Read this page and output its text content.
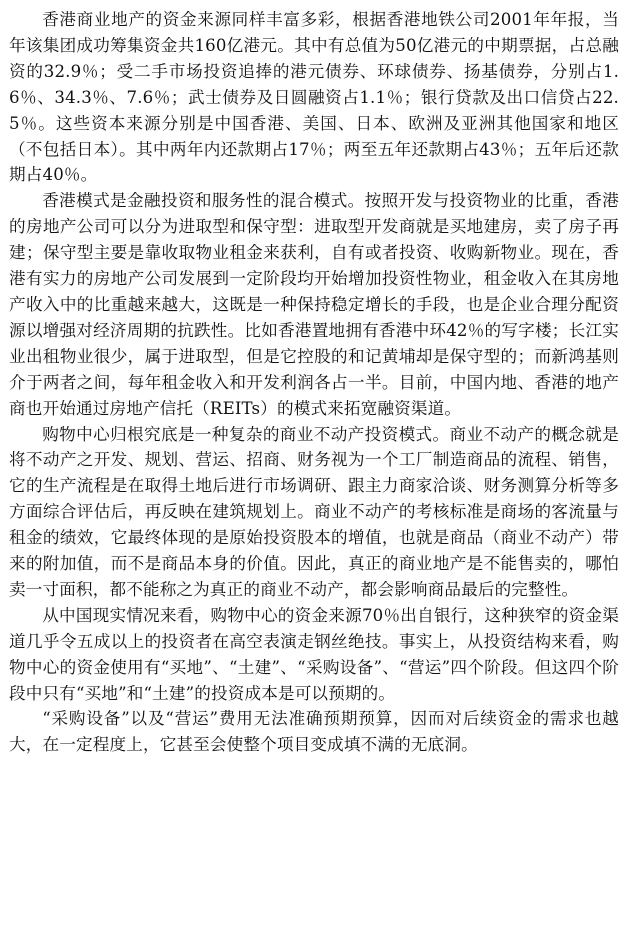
香港商业地产的资金来源同样丰富多彩，根据香港地铁公司2001年年报，当年该集团成功筹集资金共160亿港元。其中有总值为50亿港元的中期票据，占总融资的32.9％；受二手市场投资追捧的港元债券、环球债券、扬基债券，分别占1.6％、34.3％、7.6％；武士债券及日圆融资占1.1％；银行贷款及出口信贷占22.5％。这些资本来源分别是中国香港、美国、日本、欧洲及亚洲其他国家和地区（不包括日本）。其中两年内还款期占17％；两至五年还款期占43％；五年后还款期占40％。

香港模式是金融投资和服务性的混合模式。按照开发与投资物业的比重，香港的房地产公司可以分为进取型和保守型：进取型开发商就是买地建房，卖了房子再建；保守型主要是靠收取物业租金来获利，自有或者投资、收购新物业。现在，香港有实力的房地产公司发展到一定阶段均开始增加投资性物业，租金收入在其房地产收入中的比重越来越大，这既是一种保持稳定增长的手段，也是企业合理分配资源以增强对经济周期的抗跌性。比如香港置地拥有香港中环42％的写字楼；长江实业出租物业很少，属于进取型，但是它控股的和记黄埔却是保守型的；而新鸿基则介于两者之间，每年租金收入和开发利润各占一半。目前，中国内地、香港的地产商也开始通过房地产信托（REITs）的模式来拓宽融资渠道。

购物中心归根究底是一种复杂的商业不动产投资模式。商业不动产的概念就是将不动产之开发、规划、营运、招商、财务视为一个工厂制造商品的流程、销售，它的生产流程是在取得土地后进行市场调研、跟主力商家洽谈、财务测算分析等多方面综合评估后，再反映在建筑规划上。商业不动产的考核标准是商场的客流量与租金的绩效，它最终体现的是原始投资股本的增值，也就是商品（商业不动产）带来的附加值，而不是商品本身的价值。因此，真正的商业地产是不能售卖的，哪怕卖一寸面积，都不能称之为真正的商业不动产，都会影响商品最后的完整性。

从中国现实情况来看，购物中心的资金来源70％出自银行，这种狭窄的资金渠道几乎令五成以上的投资者在高空表演走钢丝绝技。事实上，从投资结构来看，购物中心的资金使用有“买地”、“土建”、“采购设备”、“营运”四个阶段。但这四个阶段中只有“买地”和“土建”的投资成本是可以预期的。

“采购设备”以及“营运”费用无法准确预期预算，因而对后续资金的需求也越大，在一定程度上，它甚至会使整个项目变成填不满的无底洞。
